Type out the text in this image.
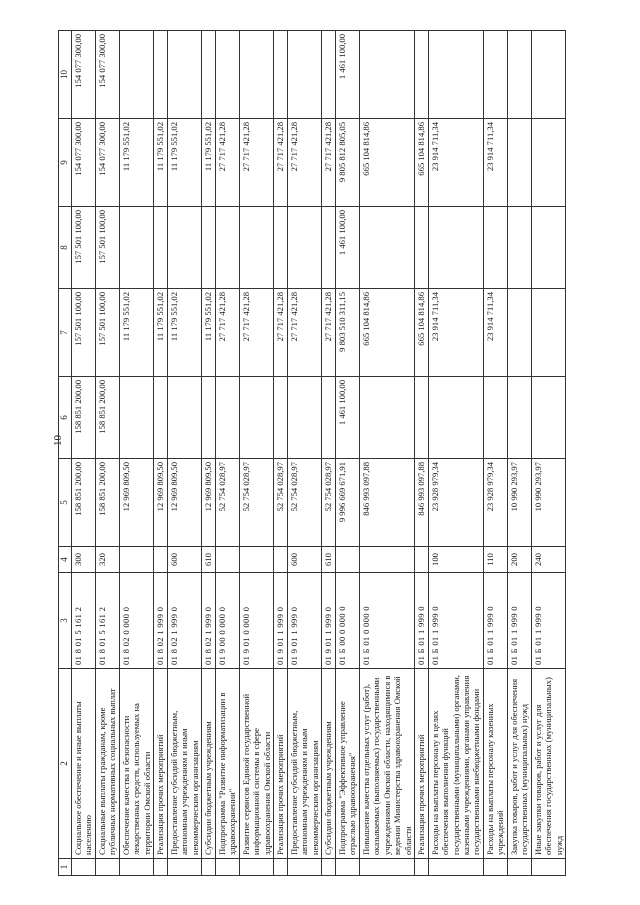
10
1	2	3	4	5	6	7	8	9	10
	Социальное обеспечение и иные выплаты населению	01 8 01 5 161 2	300	158 851 200,00	158 851 200,00	157 501 100,00	157 501 100,00	154 077 300,00	154 077 300,00
	Социальные выплаты гражданам, кроме публичных нормативных социальных выплат	01 8 01 5 161 2	320	158 851 200,00	158 851 200,00	157 501 100,00	157 501 100,00	154 077 300,00	154 077 300,00
	Обеспечение качества и безопасности лекарственных средств, используемых на территории Омской области	01 8 02 0 000 0		12 969 809,50		11 179 551,02		11 179 551,02	
	Реализация прочих мероприятий	01 8 02 1 999 0		12 969 809,50		11 179 551,02		11 179 551,02	
	Предоставление субсидий бюджетным, автономным учреждениям и иным некоммерческим организациям	01 8 02 1 999 0	600	12 969 809,50		11 179 551,02		11 179 551,02	
	Субсидии бюджетным учреждениям	01 8 02 1 999 0	610	12 969 809,50		11 179 551,02		11 179 551,02	
	Подпрограмма "Развитие информатизации в здравоохранении"	01 9 00 0 000 0		52 754 028,97		27 717 421,28		27 717 421,28	
	Развитие сервисов Единой государственной информационной системы в сфере здравоохранения Омской области	01 9 01 0 000 0		52 754 028,97		27 717 421,28		27 717 421,28	
	Реализация прочих мероприятий	01 9 01 1 999 0		52 754 028,97		27 717 421,28		27 717 421,28	
	Предоставление субсидий бюджетным, автономным учреждениям и иным некоммерческим организациям	01 9 01 1 999 0	600	52 754 028,97		27 717 421,28		27 717 421,28	
	Субсидии бюджетным учреждениям	01 9 01 1 999 0	610	52 754 028,97		27 717 421,28		27 717 421,28	
	Подпрограмма "Эффективное управление отраслью здравоохранения"	01 Б 00 0 000 0		9 996 669 671,91	1 461 100,00	9 803 510 311,15	1 461 100,00	9 805 812 805,05	1 461 100,00
	Повышение качества отдельных услуг (работ), оказываемых (выполняемых) государственными учреждениями Омской области, находящимися в ведении Министерства здравоохранения Омской области	01 Б 01 0 000 0		846 993 097,88		665 104 814,86		665 104 814,86	
	Реализация прочих мероприятий	01 Б 01 1 999 0		846 993 097,88		665 104 814,86		665 104 814,86	
	Расходы на выплаты персоналу в целях обеспечения выполнения функций государственными (муниципальными) органами, казенными учреждениями, органами управления государственными внебюджетными фондами	01 Б 01 1 999 0	100	23 928 979,34		23 914 711,34		23 914 711,34	
	Расходы на выплаты персоналу казенных учреждений	01 Б 01 1 999 0	110	23 928 979,34		23 914 711,34		23 914 711,34	
	Закупка товаров, работ и услуг для обеспечения государственных (муниципальных) нужд	01 Б 01 1 999 0	200	10 990 293,97					
	Иные закупки товаров, работ и услуг для обеспечения государственных (муниципальных) нужд	01 Б 01 1 999 0	240	10 990 293,97					
